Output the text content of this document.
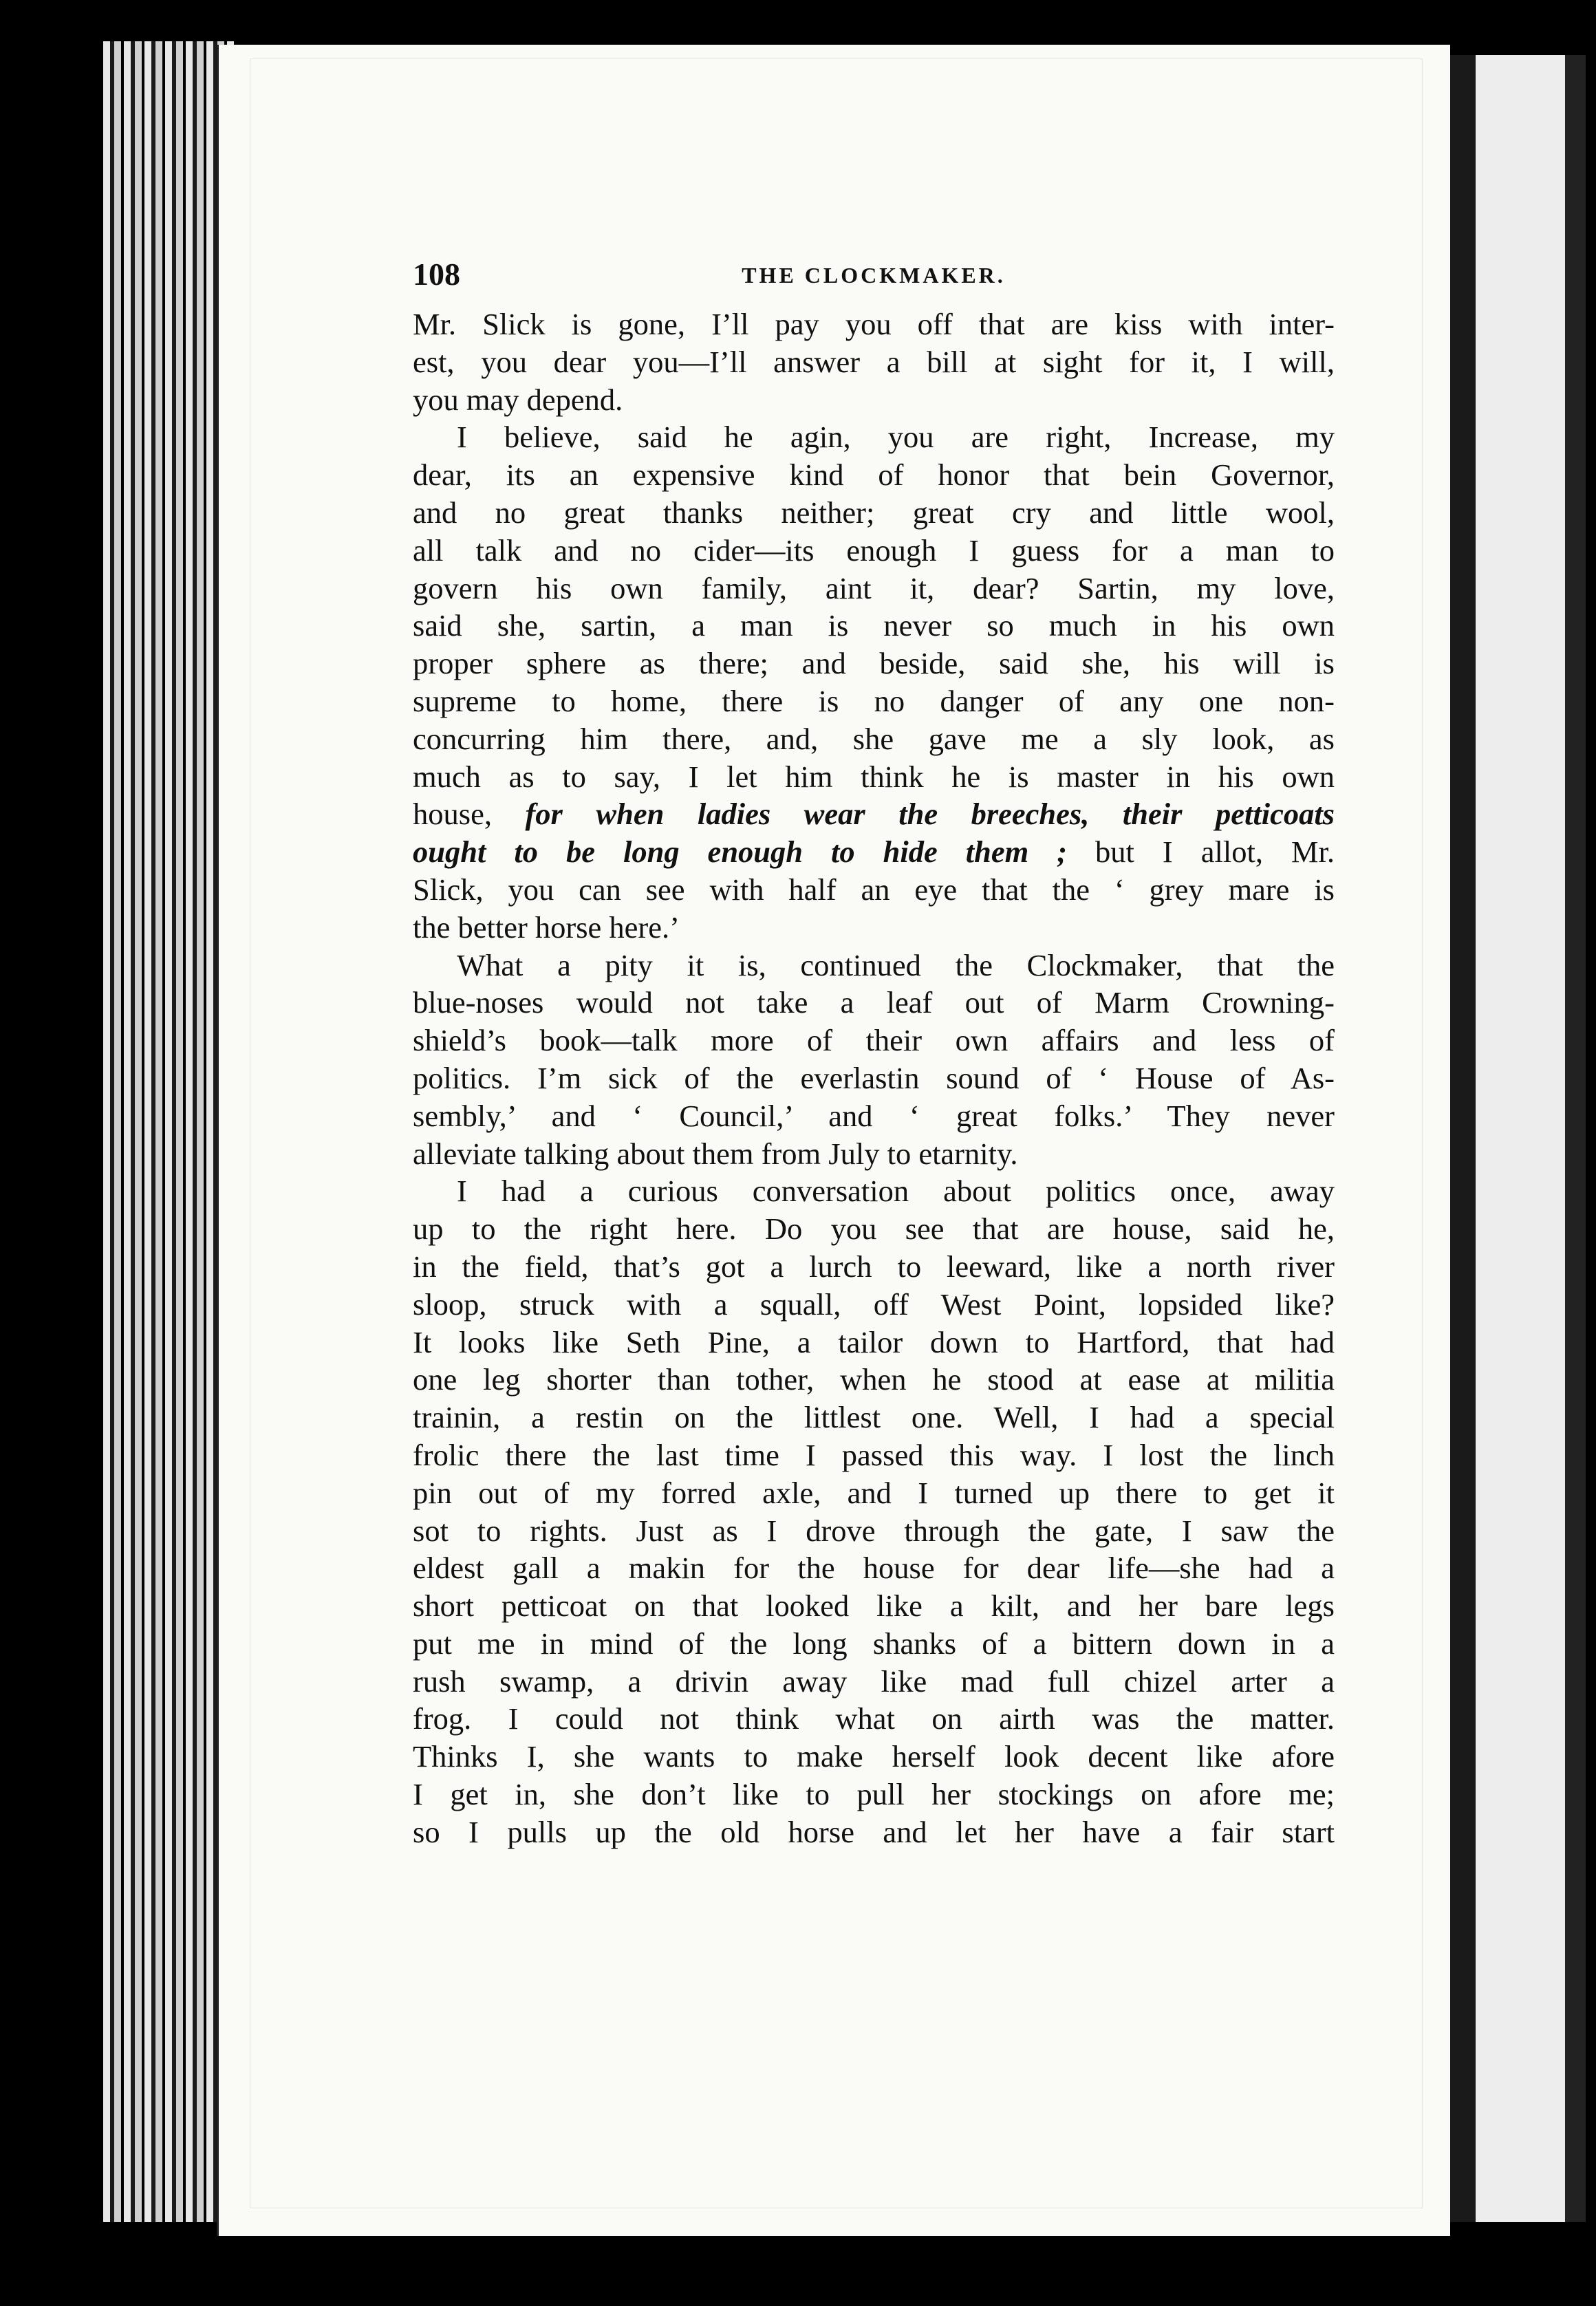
108	THE CLOCKMAKER.
Mr. Slick is gone, I’ll pay you off that are kiss with inter-
est, you dear you—I’ll answer a bill at sight for it, I will,
you may depend.
I believe, said he agin, you are right, Increase, my
dear, its an expensive kind of honor that bein Governor,
and no great thanks neither; great cry and little wool,
all talk and no cider—its enough I guess for a man to
govern his own family, aint it, dear? Sartin, my love,
said she, sartin, a man is never so much in his own
proper sphere as there; and beside, said she, his will is
supreme to home, there is no danger of any one non-
concurring him there, and, she gave me a sly look, as
much as to say, I let him think he is master in his own
house, for when ladies wear the breeches, their petticoats
ought to be long enough to hide them ; but I allot, Mr.
Slick, you can see with half an eye that the ‘ grey mare is
the better horse here.’
What a pity it is, continued the Clockmaker, that the
blue-noses would not take a leaf out of Marm Crowning-
shield’s book—talk more of their own affairs and less of
politics. I’m sick of the everlastin sound of ‘ House of As-
sembly,’ and ‘ Council,’ and ‘ great folks.’ They never
alleviate talking about them from July to etarnity.
I had a curious conversation about politics once, away
up to the right here. Do you see that are house, said he,
in the field, that’s got a lurch to leeward, like a north river
sloop, struck with a squall, off West Point, lopsided like?
It looks like Seth Pine, a tailor down to Hartford, that had
one leg shorter than tother, when he stood at ease at militia
trainin, a restin on the littlest one. Well, I had a special
frolic there the last time I passed this way. I lost the linch
pin out of my forred axle, and I turned up there to get it
sot to rights. Just as I drove through the gate, I saw the
eldest gall a makin for the house for dear life—she had a
short petticoat on that looked like a kilt, and her bare legs
put me in mind of the long shanks of a bittern down in a
rush swamp, a drivin away like mad full chizel arter a
frog. I could not think what on airth was the matter.
Thinks I, she wants to make herself look decent like afore
I get in, she don’t like to pull her stockings on afore me;
so I pulls up the old horse and let her have a fair start
